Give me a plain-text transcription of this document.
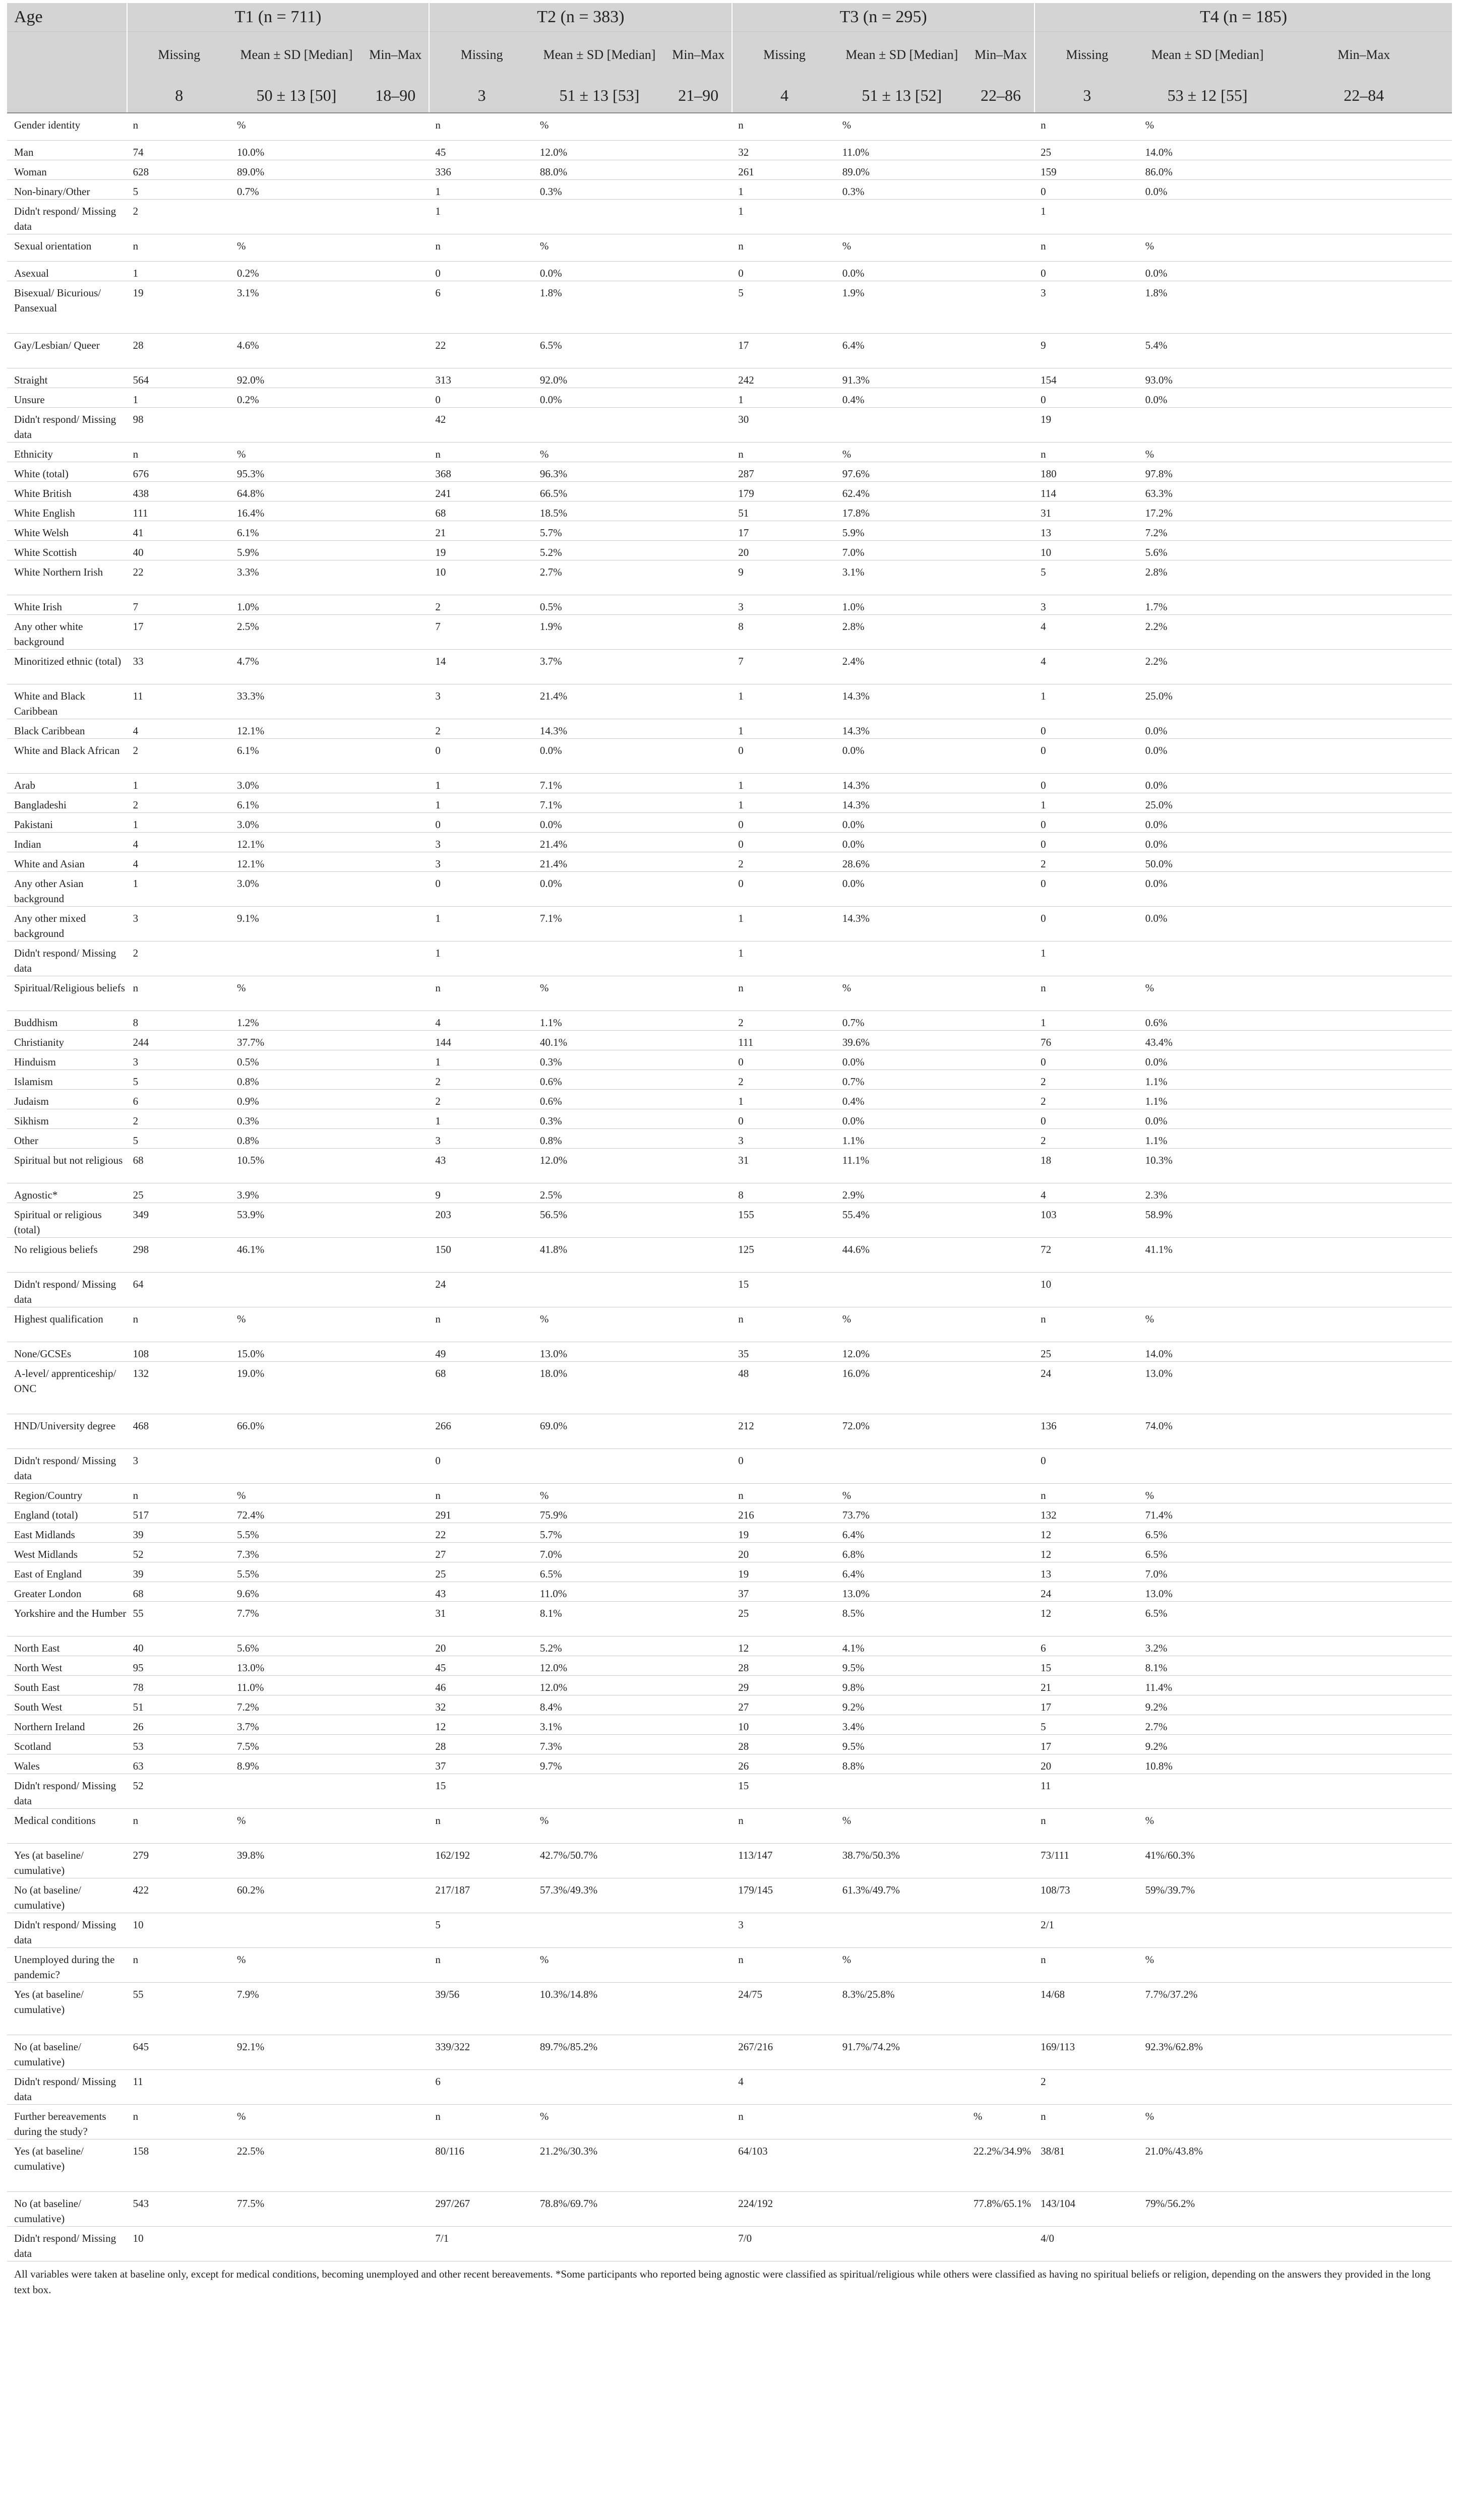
Age	T1 (n = 711)			T2 (n = 383)			T3 (n = 295)			T4 (n = 185)		
	Missing	Mean ± SD [Median]	Min–Max	Missing	Mean ± SD [Median]	Min–Max	Missing	Mean ± SD [Median]	Min–Max	Missing	Mean ± SD [Median]	Min–Max
	8	50 ± 13 [50]	18–90	3	51 ± 13 [53]	21–90	4	51 ± 13 [52]	22–86	3	53 ± 12 [55]	22–84
Gender identity	n	%		n	%		n	%		n	%	
Man	74	10.0%		45	12.0%		32	11.0%		25	14.0%	
Woman	628	89.0%		336	88.0%		261	89.0%		159	86.0%	
Non-binary/Other	5	0.7%		1	0.3%		1	0.3%		0	0.0%	
Didn't respond/ Missing data	2			1			1			1		
Sexual orientation	n	%		n	%		n	%		n	%	
Asexual	1	0.2%		0	0.0%		0	0.0%		0	0.0%	
Bisexual/ Bicurious/ Pansexual	19	3.1%		6	1.8%		5	1.9%		3	1.8%	
Gay/Lesbian/ Queer	28	4.6%		22	6.5%		17	6.4%		9	5.4%	
Straight	564	92.0%		313	92.0%		242	91.3%		154	93.0%	
Unsure	1	0.2%		0	0.0%		1	0.4%		0	0.0%	
Didn't respond/ Missing data	98			42			30			19		
Ethnicity	n	%		n	%		n	%		n	%	
White (total)	676	95.3%		368	96.3%		287	97.6%		180	97.8%	
White British	438	64.8%		241	66.5%		179	62.4%		114	63.3%	
White English	111	16.4%		68	18.5%		51	17.8%		31	17.2%	
White Welsh	41	6.1%		21	5.7%		17	5.9%		13	7.2%	
White Scottish	40	5.9%		19	5.2%		20	7.0%		10	5.6%	
White Northern Irish	22	3.3%		10	2.7%		9	3.1%		5	2.8%	
White Irish	7	1.0%		2	0.5%		3	1.0%		3	1.7%	
Any other white background	17	2.5%		7	1.9%		8	2.8%		4	2.2%	
Minoritized ethnic (total)	33	4.7%		14	3.7%		7	2.4%		4	2.2%	
White and Black Caribbean	11	33.3%		3	21.4%		1	14.3%		1	25.0%	
Black Caribbean	4	12.1%		2	14.3%		1	14.3%		0	0.0%	
White and Black African	2	6.1%		0	0.0%		0	0.0%		0	0.0%	
Arab	1	3.0%		1	7.1%		1	14.3%		0	0.0%	
Bangladeshi	2	6.1%		1	7.1%		1	14.3%		1	25.0%	
Pakistani	1	3.0%		0	0.0%		0	0.0%		0	0.0%	
Indian	4	12.1%		3	21.4%		0	0.0%		0	0.0%	
White and Asian	4	12.1%		3	21.4%		2	28.6%		2	50.0%	
Any other Asian background	1	3.0%		0	0.0%		0	0.0%		0	0.0%	
Any other mixed background	3	9.1%		1	7.1%		1	14.3%		0	0.0%	
Didn't respond/ Missing data	2			1			1			1		
Spiritual/Religious beliefs	n	%		n	%		n	%		n	%	
Buddhism	8	1.2%		4	1.1%		2	0.7%		1	0.6%	
Christianity	244	37.7%		144	40.1%		111	39.6%		76	43.4%	
Hinduism	3	0.5%		1	0.3%		0	0.0%		0	0.0%	
Islamism	5	0.8%		2	0.6%		2	0.7%		2	1.1%	
Judaism	6	0.9%		2	0.6%		1	0.4%		2	1.1%	
Sikhism	2	0.3%		1	0.3%		0	0.0%		0	0.0%	
Other	5	0.8%		3	0.8%		3	1.1%		2	1.1%	
Spiritual but not religious	68	10.5%		43	12.0%		31	11.1%		18	10.3%	
Agnostic*	25	3.9%		9	2.5%		8	2.9%		4	2.3%	
Spiritual or religious (total)	349	53.9%		203	56.5%		155	55.4%		103	58.9%	
No religious beliefs	298	46.1%		150	41.8%		125	44.6%		72	41.1%	
Didn't respond/ Missing data	64			24			15			10		
Highest qualification	n	%		n	%		n	%		n	%	
None/GCSEs	108	15.0%		49	13.0%		35	12.0%		25	14.0%	
A-level/ apprenticeship/ ONC	132	19.0%		68	18.0%		48	16.0%		24	13.0%	
HND/University degree	468	66.0%		266	69.0%		212	72.0%		136	74.0%	
Didn't respond/ Missing data	3			0			0			0		
Region/Country	n	%		n	%		n	%		n	%	
England (total)	517	72.4%		291	75.9%		216	73.7%		132	71.4%	
East Midlands	39	5.5%		22	5.7%		19	6.4%		12	6.5%	
West Midlands	52	7.3%		27	7.0%		20	6.8%		12	6.5%	
East of England	39	5.5%		25	6.5%		19	6.4%		13	7.0%	
Greater London	68	9.6%		43	11.0%		37	13.0%		24	13.0%	
Yorkshire and the Humber	55	7.7%		31	8.1%		25	8.5%		12	6.5%	
North East	40	5.6%		20	5.2%		12	4.1%		6	3.2%	
North West	95	13.0%		45	12.0%		28	9.5%		15	8.1%	
South East	78	11.0%		46	12.0%		29	9.8%		21	11.4%	
South West	51	7.2%		32	8.4%		27	9.2%		17	9.2%	
Northern Ireland	26	3.7%		12	3.1%		10	3.4%		5	2.7%	
Scotland	53	7.5%		28	7.3%		28	9.5%		17	9.2%	
Wales	63	8.9%		37	9.7%		26	8.8%		20	10.8%	
Didn't respond/ Missing data	52			15			15			11		
Medical conditions	n	%		n	%		n	%		n	%	
Yes (at baseline/ cumulative)	279	39.8%		162/192	42.7%/50.7%		113/147	38.7%/50.3%		73/111	41%/60.3%	
No (at baseline/ cumulative)	422	60.2%		217/187	57.3%/49.3%		179/145	61.3%/49.7%		108/73	59%/39.7%	
Didn't respond/ Missing data	10			5			3			2/1		
Unemployed during the pandemic?	n	%		n	%		n	%		n	%	
Yes (at baseline/ cumulative)	55	7.9%		39/56	10.3%/14.8%		24/75	8.3%/25.8%		14/68	7.7%/37.2%	
No (at baseline/ cumulative)	645	92.1%		339/322	89.7%/85.2%		267/216	91.7%/74.2%		169/113	92.3%/62.8%	
Didn't respond/ Missing data	11			6			4			2		
Further bereavements during the study?	n	%		n	%		n		%	n	%	
Yes (at baseline/ cumulative)	158	22.5%		80/116	21.2%/30.3%		64/103		22.2%/34.9%	38/81	21.0%/43.8%	
No (at baseline/ cumulative)	543	77.5%		297/267	78.8%/69.7%		224/192		77.8%/65.1%	143/104	79%/56.2%	
Didn't respond/ Missing data	10			7/1			7/0			4/0		
All variables were taken at baseline only, except for medical conditions, becoming unemployed and other recent bereavements. *Some participants who reported being agnostic were classified as spiritual/religious while others were classified as having no spiritual beliefs or religion, depending on the answers they provided in the long text box.
